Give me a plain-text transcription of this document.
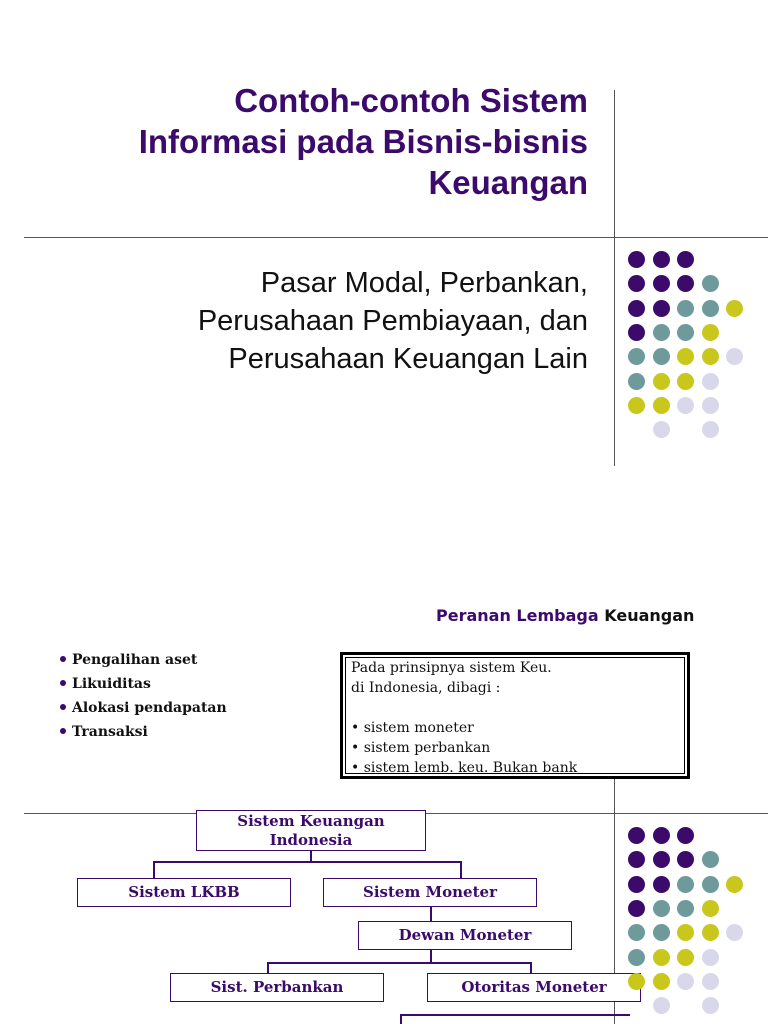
Contoh-contoh Sistem
Informasi pada Bisnis-bisnis
Keuangan
Pasar Modal, Perbankan,
Perusahaan Pembiayaan, dan
Perusahaan Keuangan Lain
Peranan Lembaga Keuangan
Pengalihan aset
Likuiditas
Alokasi pendapatan
Transaksi
Pada prinsipnya sistem Keu.
di Indonesia, dibagi :
• sistem moneter
• sistem perbankan
• sistem lemb. keu. Bukan bank
Sistem Keuangan
Indonesia
Sistem LKBB	Sistem Moneter
Dewan Moneter
Sist. Perbankan	Otoritas Moneter
